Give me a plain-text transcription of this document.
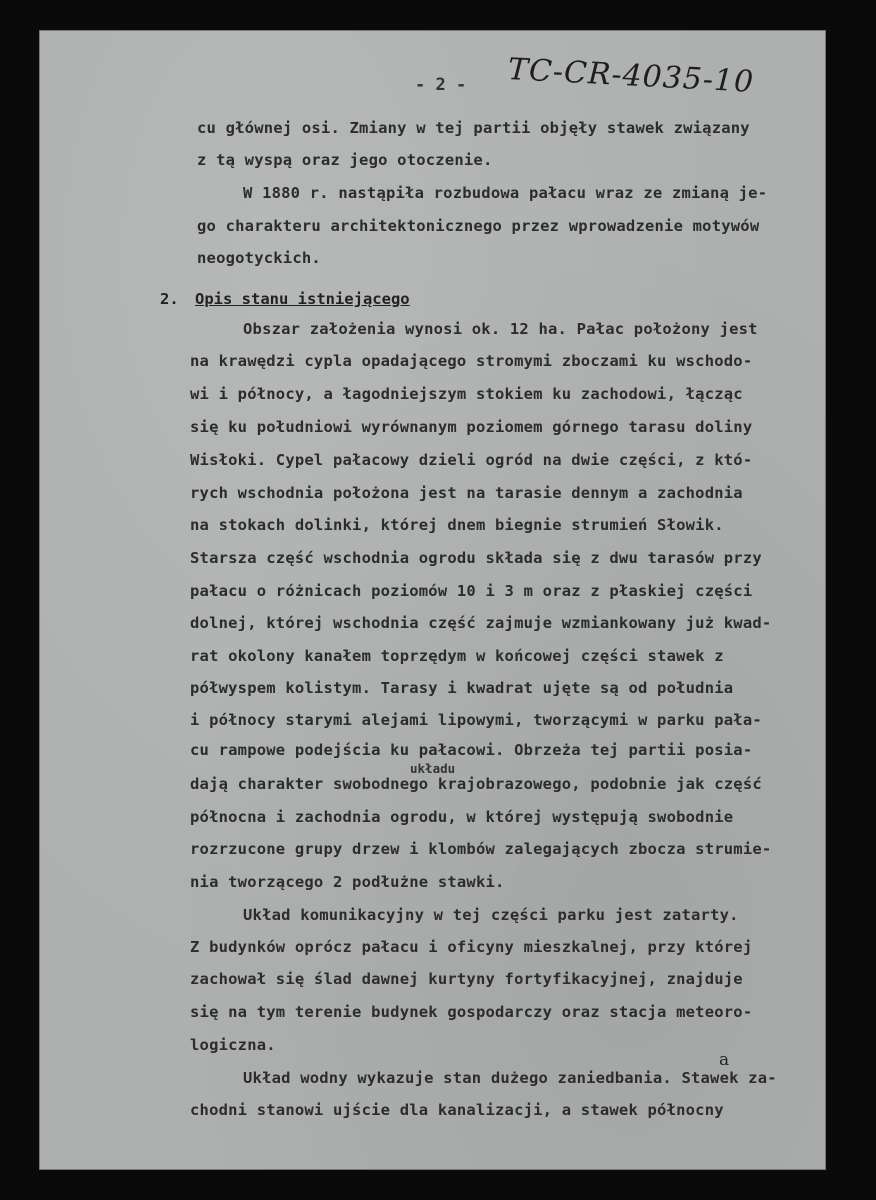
- 2 - TC-CR-4035-10

cu głównej osi. Zmiany w tej partii objęły stawek związany

z tą wyspą oraz jego otoczenie.

W 1880 r. nastąpiła rozbudowa pałacu wraz ze zmianą je-

go charakteru architektonicznego przez wprowadzenie motywów

neogotyckich.

2. Opis stanu istniejącego

Obszar założenia wynosi ok. 12 ha. Pałac położony jest

na krawędzi cypla opadającego stromymi zboczami ku wschodo-

wi i północy, a łagodniejszym stokiem ku zachodowi, łącząc

się ku południowi wyrównanym poziomem górnego tarasu doliny

Wisłoki. Cypel pałacowy dzieli ogród na dwie części, z któ-

rych wschodnia położona jest na tarasie dennym a zachodnia

na stokach dolinki, której dnem biegnie strumień Słowik.

Starsza część wschodnia ogrodu składa się z dwu tarasów przy

pałacu o różnicach poziomów 10 i 3 m oraz z płaskiej części

dolnej, której wschodnia część zajmuje wzmiankowany już kwad-

rat okolony kanałem toprzędym w końcowej części stawek z

półwyspem kolistym. Tarasy i kwadrat ujęte są od południa

i północy starymi alejami lipowymi, tworzącymi w parku pała-

cu rampowe podejścia ku pałacowi. Obrzeża tej partii posia-

układu

dają charakter swobodnego krajobrazowego, podobnie jak część

północna i zachodnia ogrodu, w której występują swobodnie

rozrzucone grupy drzew i klombów zalegających zbocza strumie-

nia tworzącego 2 podłużne stawki.

Układ komunikacyjny w tej części parku jest zatarty.

Z budynków oprócz pałacu i oficyny mieszkalnej, przy której

zachował się ślad dawnej kurtyny fortyfikacyjnej, znajduje

się na tym terenie budynek gospodarczy oraz stacja meteoro-

logiczna.

a

Układ wodny wykazuje stan dużego zaniedbania. Stawek za-

chodni stanowi ujście dla kanalizacji, a stawek północny
